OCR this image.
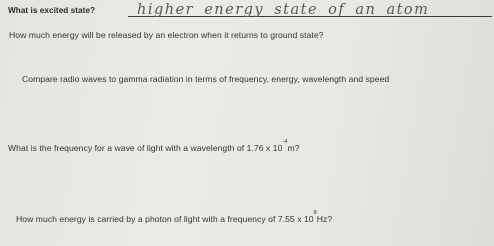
What is excited state?	higher energy state of an atom
How much energy will be released by an electron when it returns to ground state?
Compare radio waves to gamma radiation in terms of frequency, energy, wavelength and speed
What is the frequency for a wave of light with a wavelength of 1.76 x $10^{-4}m$?
How much energy is carried by a photon of light with a frequency of 7.55 x $10^8Hz$?
